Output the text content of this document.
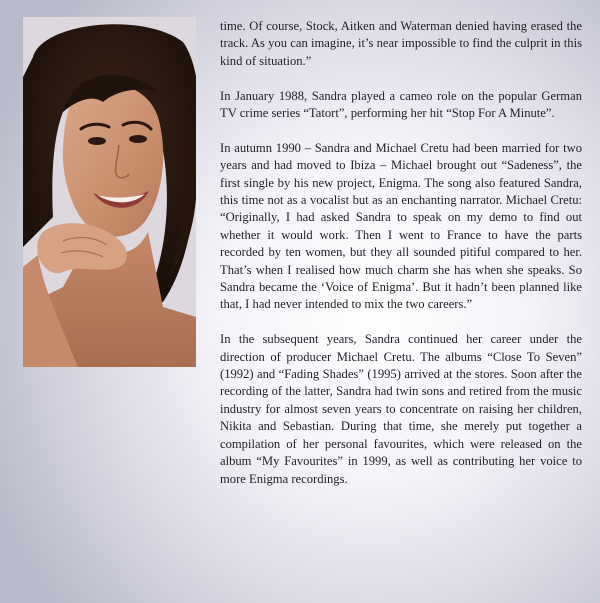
time. Of course, Stock, Aitken and Waterman denied having erased the track. As you can imagine, it’s near impossible to find the culprit in this kind of situation.”

In January 1988, Sandra played a cameo role on the popular German TV crime series “Tatort”, performing her hit “Stop For A Minute”.

In autumn 1990 – Sandra and Michael Cretu had been married for two years and had moved to Ibiza – Michael brought out “Sadeness”, the first single by his new project, Enigma. The song also featured Sandra, this time not as a vocalist but as an enchanting narrator. Michael Cretu: “Originally, I had asked Sandra to speak on my demo to find out whether it would work. Then I went to France to have the parts recorded by ten women, but they all sounded pitiful compared to her. That’s when I realised how much charm she has when she speaks. So Sandra became the ‘Voice of Enigma’. But it hadn’t been planned like that, I had never intended to mix the two careers.”

In the subsequent years, Sandra continued her career under the direction of producer Michael Cretu. The albums “Close To Seven” (1992) and “Fading Shades” (1995) arrived at the stores. Soon after the recording of the latter, Sandra had twin sons and retired from the music industry for almost seven years to concentrate on raising her children, Nikita and Sebastian. During that time, she merely put together a compilation of her personal favourites, which were released on the album “My Favourites” in 1999, as well as contributing her voice to more Enigma recordings.
